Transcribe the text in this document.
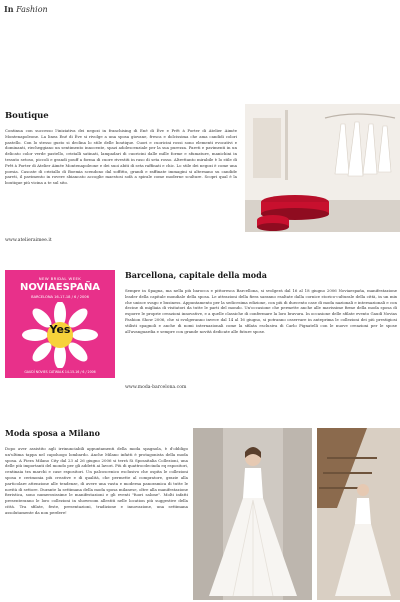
In Fashion
Boutique

Continua con successo l'iniziativa dei negozi in franchising di Ené di Ève e Prêt à Porter di Atelier Aimée Montenapoleone. La linea Ené di Ève si rivolge a una sposa giovane, fresca e dolcissima che ama candidi colori pastello. Con lo stesso gusto si declina lo stile delle boutique. Cuori e cuoricini rossi sono elementi evocativi e dominanti, riecheggiano un sentimento innocente, spazi adolescenziale per la sua purezza. Pareti e pavimenti in un delicato color verde pastello, cristalli satinati, lampadari di cuoricini dalle mille forme e sfumature, manichini in tessuto setoso, piccoli e grandi pouff a forma di cuore rivestiti in raso di seta rosso. Altrettanto mirabile è lo stile di Prêt à Porter di Atelier Aimée Montenapoleone e dei suoi abiti di seta raffinati e chic. Lo stile dei negozi è come una poesia. Cascate di cristallo di Boemia scendono dal soffitto, grandi e raffinate immagini si alternano su candide pareti, il pavimento in rovere sbiancato accoglie maestosi sofà a spirale come moderne sculture. Scopri qual è la boutique più vicina a te sul sito.

www.atelieraimee.it
NEW BRIDAL WEEK
NOVIAESPAÑA
BARCELONA 16-17-18 / 6 / 2006
Yes
GAUDÍ NOVIES CATWALK 14-15-16 / 6 / 2006
Barcellona, capitale della moda

Sempre in Spagna, ma nella più barocca e pittoresca Barcellona, si svolgerà dal 16 al 18 giugno 2006 Noviaespaña, manifestazione leader della capitale mondiale della sposa. Le attrazioni della fiera saranno esaltate dalla cornice storico-culturale della città, in un mix che unisce svago e business. Appuntamento per la sedicesima edizione, con più di duecento case di moda nazionali e internazionali e con decine di migliaia di visitatori da tutte le parti del mondo. Un'occasione che permette anche alle mavissime firme della moda sposa di esporre le proprie creazioni innovative, e a quelle classiche di confermare la loro bravura. In occasione delle sfilate evento Gaudí Novias Fashion Show 2006, che si svolgeranno invece dal 14 al 16 giugno, si potranno osservare in anteprima le collezioni dei più prestigiosi stilisti spagnoli e anche di nomi internazionali come la sfilata esclusiva di Carlo Pignatelli con le nuove creazioni per le spose all'avanguardia e sempre con grande novità dedicate alle future spose.

www.moda-barcelona.com
Moda sposa a Milano

Dopo aver assistito agli irrinunciabili appuntamenti della moda spagnola, è d'obbligo un'ultima tappa nel capoluogo lombardo. Anche Milano infatti è protagonista della moda sposa. A Fiera Milano City dal 23 al 26 giugno 2006 si terrà Si Sposaitalia Collezioni, una delle più importanti del mondo per gli addetti ai lavori. Più di quattrocdecinda eq espositori, centinaia tra marchi e case espositori. Un palcoscenico esclusivo che ospita le collezioni sposa e cerimonia più creative e di qualità, che permette al compratore, grazie alla particolare attenzione alle tendenze, di avere una vasta e moderna panoramica di tutte le novità di settore. Durante la settimana della moda sposa milanese, oltre alla manifestazione fieristica, sono numerosissime le manifestazioni e gli eventi "fuori salone". Molti infatti presenteranno le loro collezioni in showroom allestiti nelle location più suggestive della città. Tra sfilate, feste, presentazioni, tradizione e innovazione, una settimana assolutamente da non perdere!
